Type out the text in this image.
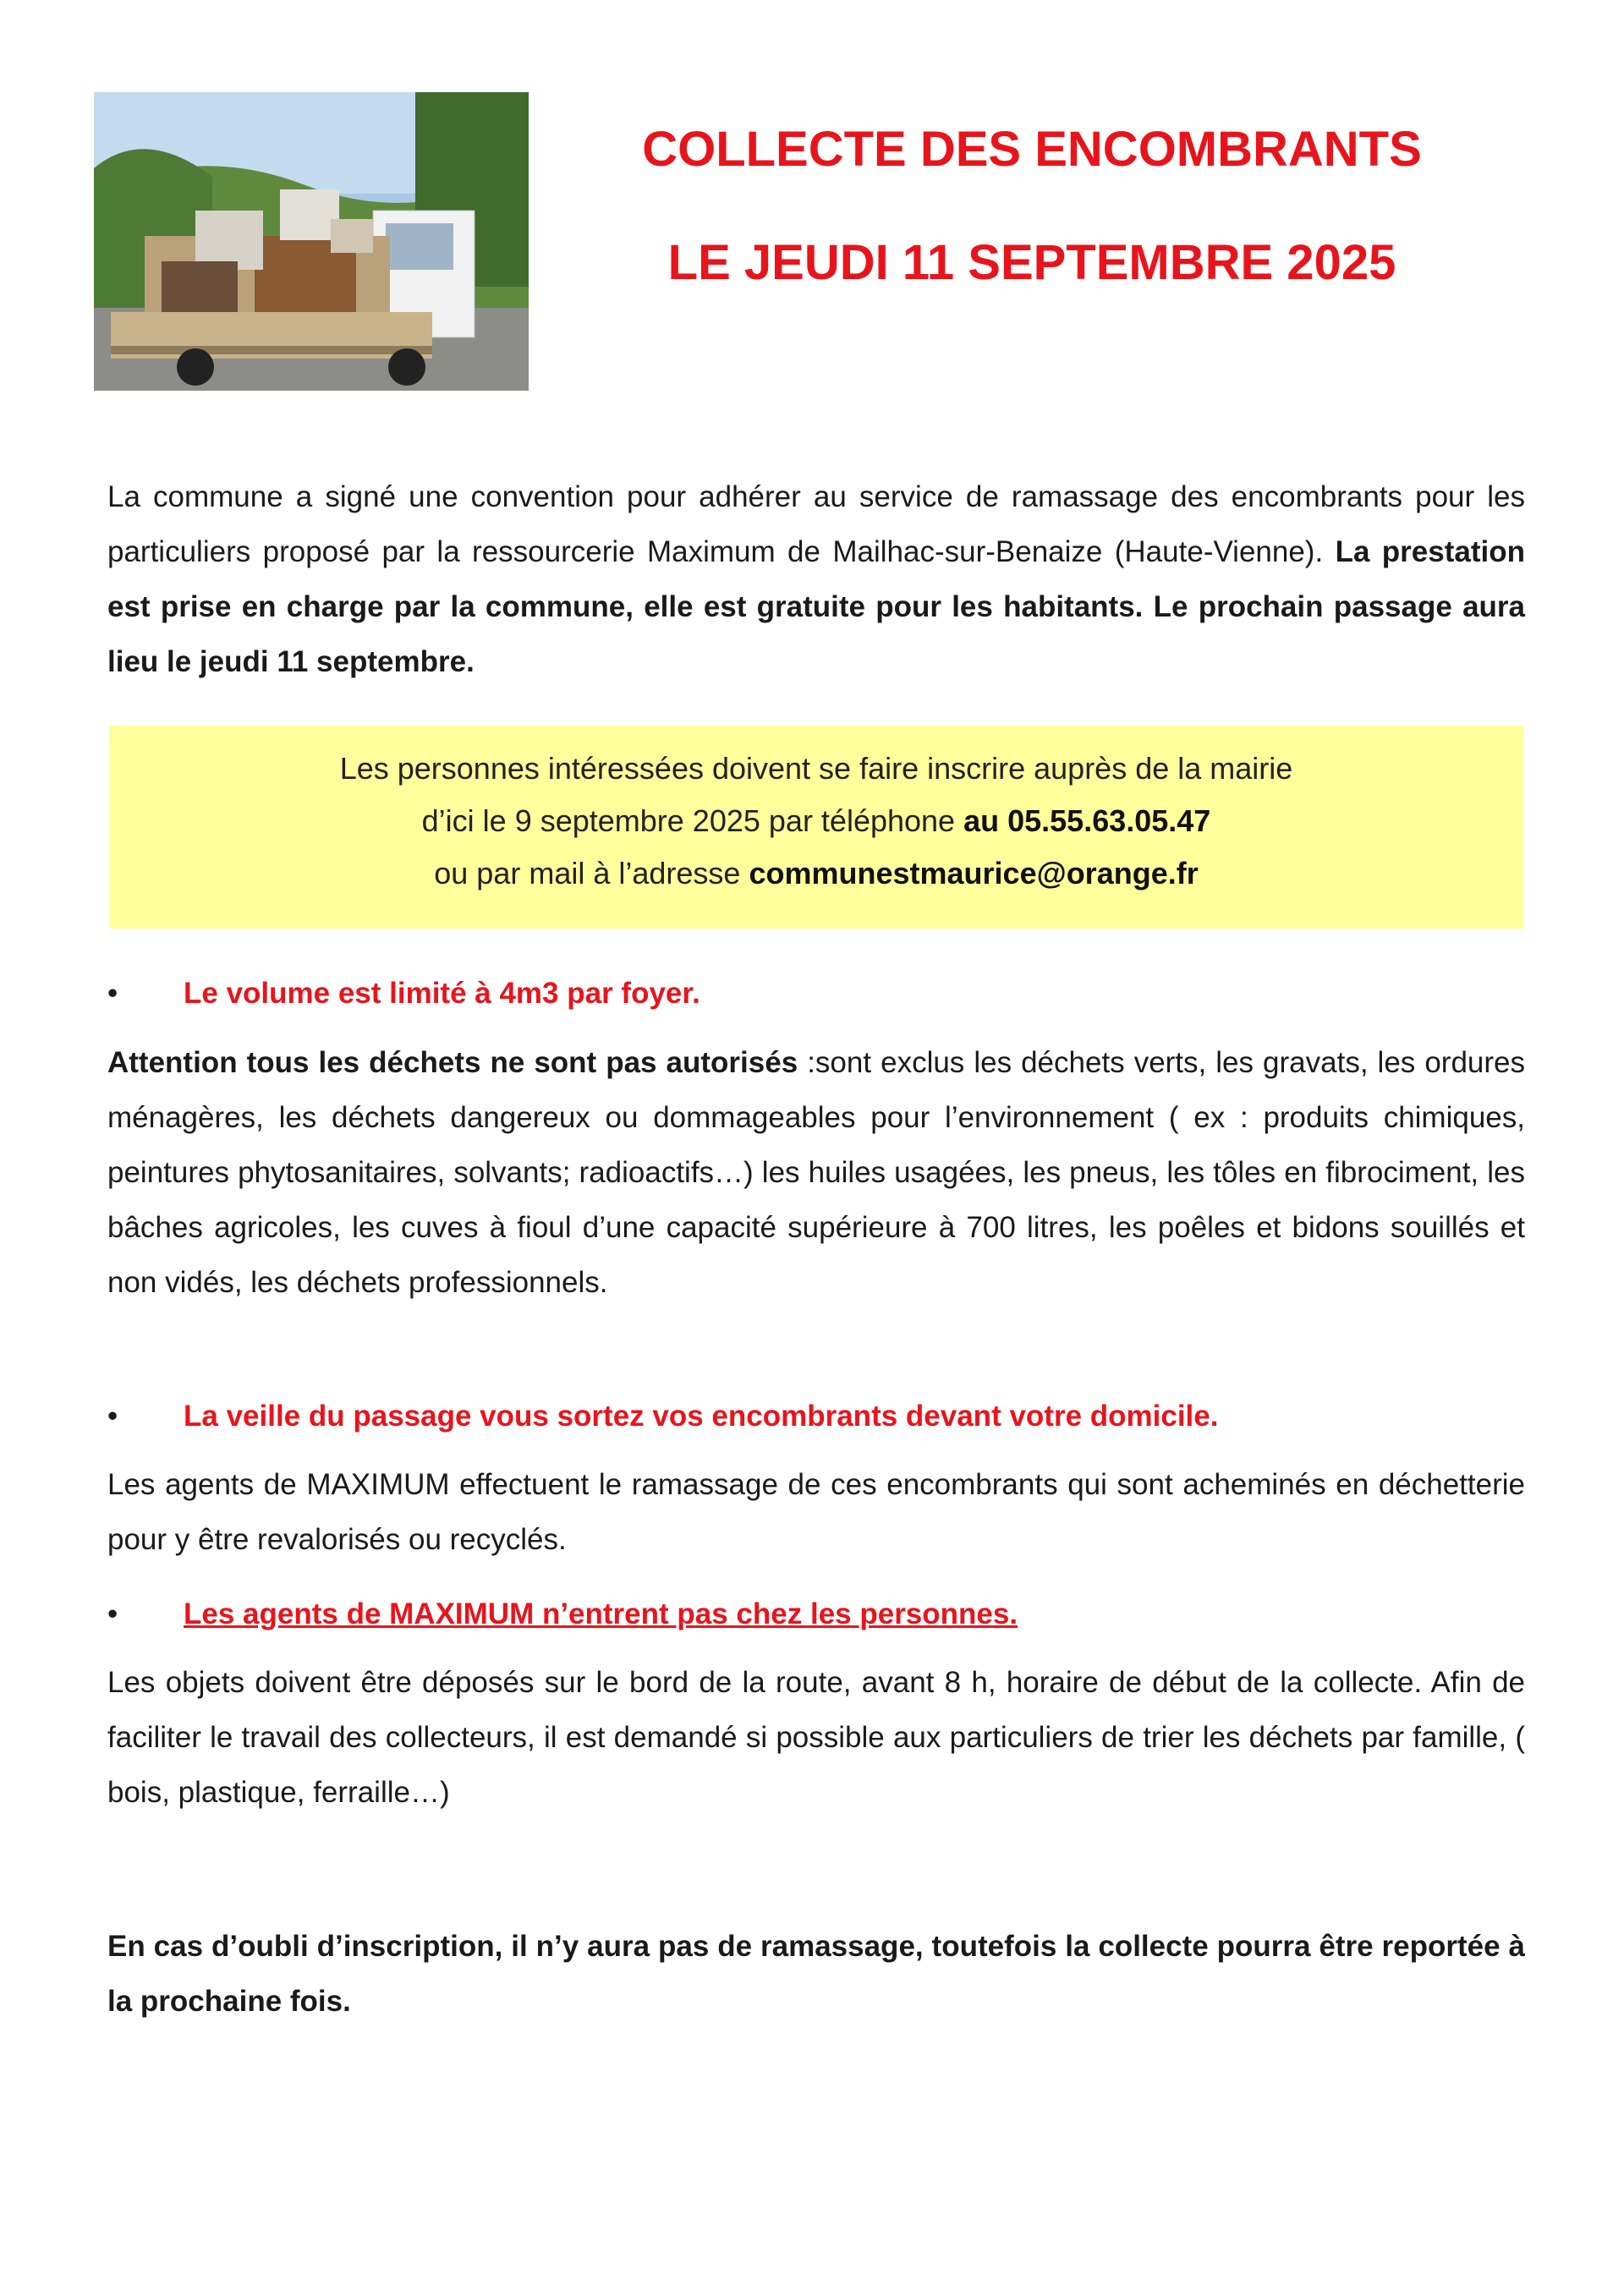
COLLECTE DES ENCOMBRANTS
LE JEUDI 11 SEPTEMBRE 2025

La commune a signé une convention pour adhérer au service de ramassage des encombrants pour les particuliers proposé par la ressourcerie Maximum de Mailhac-sur-Benaize (Haute-Vienne). La prestation est prise en charge par la commune, elle est gratuite pour les habitants. Le prochain passage aura lieu le jeudi 11 septembre.

Les personnes intéressées doivent se faire inscrire auprès de la mairie
d’ici le 9 septembre 2025 par téléphone au 05.55.63.05.47
ou par mail à l’adresse communestmaurice@orange.fr
• Le volume est limité à 4m3 par foyer.

Attention tous les déchets ne sont pas autorisés :sont exclus les déchets verts, les gravats, les ordures ménagères, les déchets dangereux ou dommageables pour l’environnement ( ex : produits chimiques, peintures phytosanitaires, solvants; radioactifs…) les huiles usagées, les pneus, les tôles en fibrociment, les bâches agricoles, les cuves à fioul d’une capacité supérieure à 700 litres, les poêles et bidons souillés et non vidés, les déchets professionnels.

• La veille du passage vous sortez vos encombrants devant votre domicile.

Les agents de MAXIMUM effectuent le ramassage de ces encombrants qui sont acheminés en déchetterie pour y être revalorisés ou recyclés.

• Les agents de MAXIMUM n’entrent pas chez les personnes.

Les objets doivent être déposés sur le bord de la route, avant 8 h, horaire de début de la collecte. Afin de faciliter le travail des collecteurs, il est demandé si possible aux particuliers de trier les déchets par famille, ( bois, plastique, ferraille…)

En cas d’oubli d’inscription, il n’y aura pas de ramassage, toutefois la collecte pourra être reportée à la prochaine fois.
